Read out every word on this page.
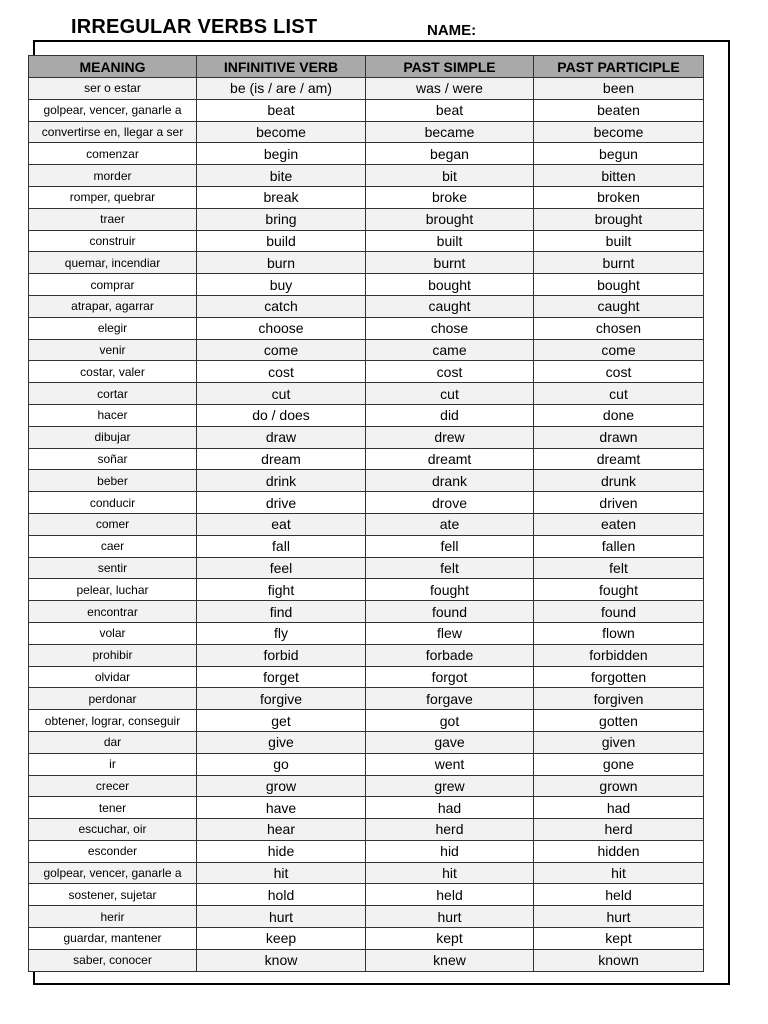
IRREGULAR VERBS LIST	NAME:
MEANING	INFINITIVE VERB	PAST SIMPLE	PAST PARTICIPLE
ser o estar	be (is / are / am)	was / were	been
golpear, vencer, ganarle a	beat	beat	beaten
convertirse en, llegar a ser	become	became	become
comenzar	begin	began	begun
morder	bite	bit	bitten
romper, quebrar	break	broke	broken
traer	bring	brought	brought
construir	build	built	built
quemar, incendiar	burn	burnt	burnt
comprar	buy	bought	bought
atrapar, agarrar	catch	caught	caught
elegir	choose	chose	chosen
venir	come	came	come
costar, valer	cost	cost	cost
cortar	cut	cut	cut
hacer	do / does	did	done
dibujar	draw	drew	drawn
soñar	dream	dreamt	dreamt
beber	drink	drank	drunk
conducir	drive	drove	driven
comer	eat	ate	eaten
caer	fall	fell	fallen
sentir	feel	felt	felt
pelear, luchar	fight	fought	fought
encontrar	find	found	found
volar	fly	flew	flown
prohibir	forbid	forbade	forbidden
olvidar	forget	forgot	forgotten
perdonar	forgive	forgave	forgiven
obtener, lograr, conseguir	get	got	gotten
dar	give	gave	given
ir	go	went	gone
crecer	grow	grew	grown
tener	have	had	had
escuchar, oir	hear	herd	herd
esconder	hide	hid	hidden
golpear, vencer, ganarle a	hit	hit	hit
sostener, sujetar	hold	held	held
herir	hurt	hurt	hurt
guardar, mantener	keep	kept	kept
saber, conocer	know	knew	known
